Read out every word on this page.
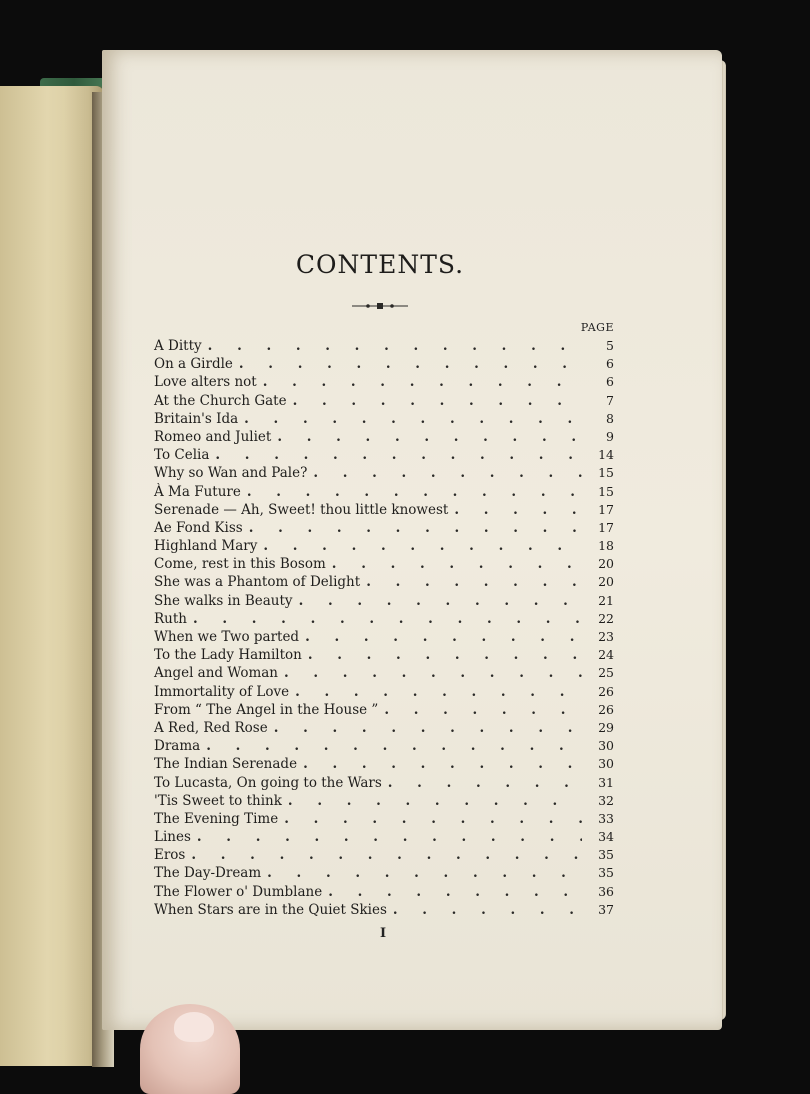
CONTENTS.
PAGE
A Ditty . . .	5
On a Girdle . . .	6
Love alters not . . .	6
At the Church Gate . . .	7
Britain's Ida . . .	8
Romeo and Juliet . . .	9
To Celia . . .	14
Why so Wan and Pale? . . .	15
À Ma Future . . .	15
Serenade — Ah, Sweet! thou little knowest . . .	17
Ae Fond Kiss . . .	17
Highland Mary . . .	18
Come, rest in this Bosom . . .	20
She was a Phantom of Delight . . .	20
She walks in Beauty . . .	21
Ruth . . .	22
When we Two parted . . .	23
To the Lady Hamilton . . .	24
Angel and Woman . . .	25
Immortality of Love . . .	26
From “ The Angel in the House ” . . .	26
A Red, Red Rose . . .	29
Drama . . .	30
The Indian Serenade . . .	30
To Lucasta, On going to the Wars . . .	31
'Tis Sweet to think . . .	32
The Evening Time . . .	33
Lines . . .	34
Eros . . .	35
The Day-Dream . . .	35
The Flower o' Dumblane . . .	36
When Stars are in the Quiet Skies . . .	37
I
